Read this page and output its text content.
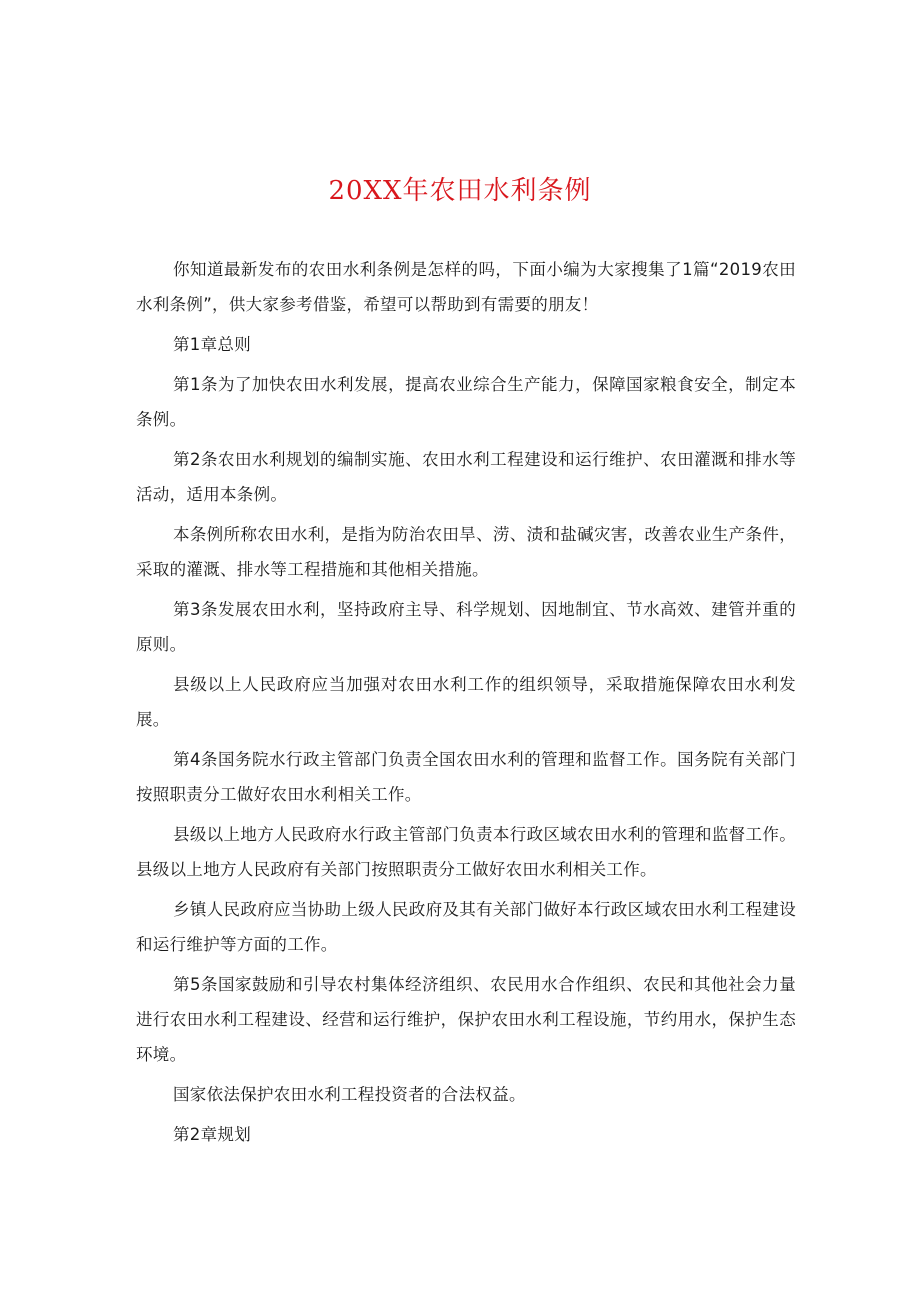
20XX年农田水利条例

你知道最新发布的农田水利条例是怎样的吗，下面小编为大家搜集了1篇“2019农田水利条例”，供大家参考借鉴，希望可以帮助到有需要的朋友！

第1章总则

第1条为了加快农田水利发展，提高农业综合生产能力，保障国家粮食安全，制定本条例。

第2条农田水利规划的编制实施、农田水利工程建设和运行维护、农田灌溉和排水等活动，适用本条例。

本条例所称农田水利，是指为防治农田旱、涝、渍和盐碱灾害，改善农业生产条件，采取的灌溉、排水等工程措施和其他相关措施。

第3条发展农田水利，坚持政府主导、科学规划、因地制宜、节水高效、建管并重的原则。

县级以上人民政府应当加强对农田水利工作的组织领导，采取措施保障农田水利发展。

第4条国务院水行政主管部门负责全国农田水利的管理和监督工作。国务院有关部门按照职责分工做好农田水利相关工作。

县级以上地方人民政府水行政主管部门负责本行政区域农田水利的管理和监督工作。县级以上地方人民政府有关部门按照职责分工做好农田水利相关工作。

乡镇人民政府应当协助上级人民政府及其有关部门做好本行政区域农田水利工程建设和运行维护等方面的工作。

第5条国家鼓励和引导农村集体经济组织、农民用水合作组织、农民和其他社会力量进行农田水利工程建设、经营和运行维护，保护农田水利工程设施，节约用水，保护生态环境。

国家依法保护农田水利工程投资者的合法权益。

第2章规划
